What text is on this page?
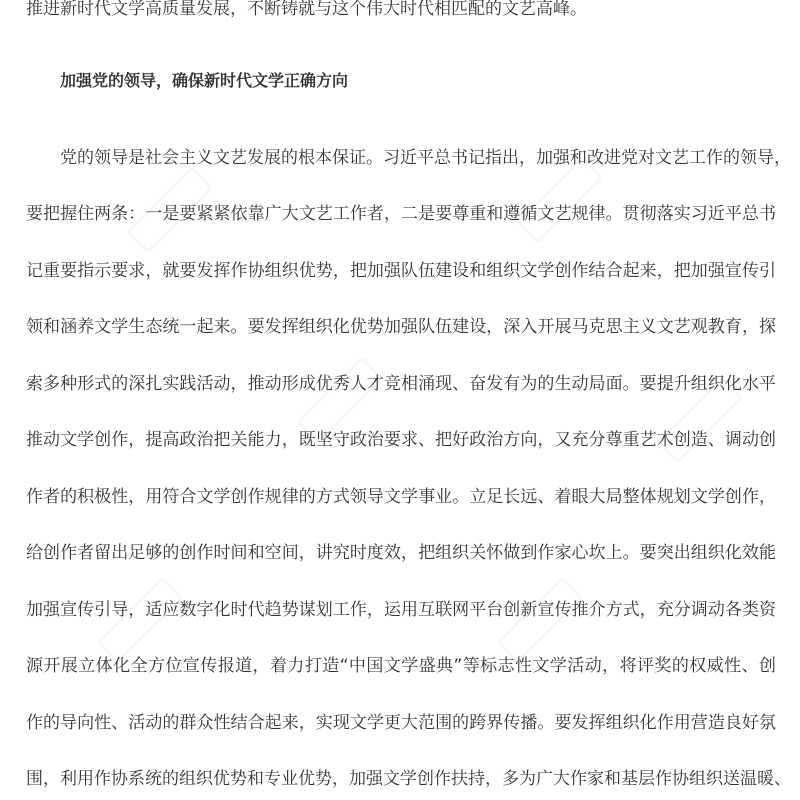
推进新时代文学高质量发展，不断铸就与这个伟大时代相匹配的文艺高峰。
加强党的领导，确保新时代文学正确方向
党的领导是社会主义文艺发展的根本保证。习近平总书记指出，加强和改进党对文艺工作的领导，
要把握住两条：一是要紧紧依靠广大文艺工作者，二是要尊重和遵循文艺规律。贯彻落实习近平总书
记重要指示要求，就要发挥作协组织优势，把加强队伍建设和组织文学创作结合起来，把加强宣传引
领和涵养文学生态统一起来。要发挥组织化优势加强队伍建设，深入开展马克思主义文艺观教育，探
索多种形式的深扎实践活动，推动形成优秀人才竞相涌现、奋发有为的生动局面。要提升组织化水平
推动文学创作，提高政治把关能力，既坚守政治要求、把好政治方向，又充分尊重艺术创造、调动创
作者的积极性，用符合文学创作规律的方式领导文学事业。立足长远、着眼大局整体规划文学创作，
给创作者留出足够的创作时间和空间，讲究时度效，把组织关怀做到作家心坎上。要突出组织化效能
加强宣传引导，适应数字化时代趋势谋划工作，运用互联网平台创新宣传推介方式，充分调动各类资
源开展立体化全方位宣传报道，着力打造“中国文学盛典”等标志性文学活动，将评奖的权威性、创
作的导向性、活动的群众性结合起来，实现文学更大范围的跨界传播。要发挥组织化作用营造良好氛
围，利用作协系统的组织优势和专业优势，加强文学创作扶持，多为广大作家和基层作协组织送温暖、
